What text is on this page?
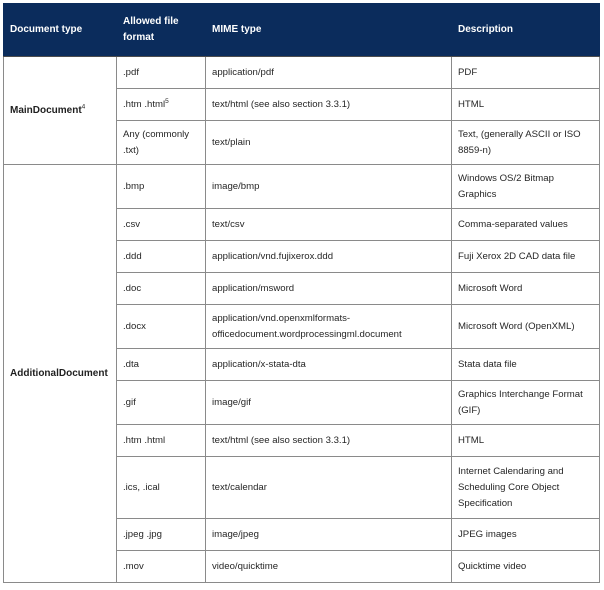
Document type	Allowed file format	MIME type	Description
MainDocument$^4$	.pdf	application/pdf	PDF
	.htm .html$^5$	text/html (see also section 3.3.1)	HTML
	Any (commonly .txt)	text/plain	Text, (generally ASCII or ISO 8859-n)
AdditionalDocument	.bmp	image/bmp	Windows OS/2 Bitmap Graphics
	.csv	text/csv	Comma-separated values
	.ddd	application/vnd.fujixerox.ddd	Fuji Xerox 2D CAD data file
	.doc	application/msword	Microsoft Word
	.docx	application/vnd.openxmlformats-officedocument.wordprocessingml.document	Microsoft Word (OpenXML)
	.dta	application/x-stata-dta	Stata data file
	.gif	image/gif	Graphics Interchange Format (GIF)
	.htm .html	text/html (see also section 3.3.1)	HTML
	.ics, .ical	text/calendar	Internet Calendaring and Scheduling Core Object Specification
	.jpeg .jpg	image/jpeg	JPEG images
	.mov	video/quicktime	Quicktime video
